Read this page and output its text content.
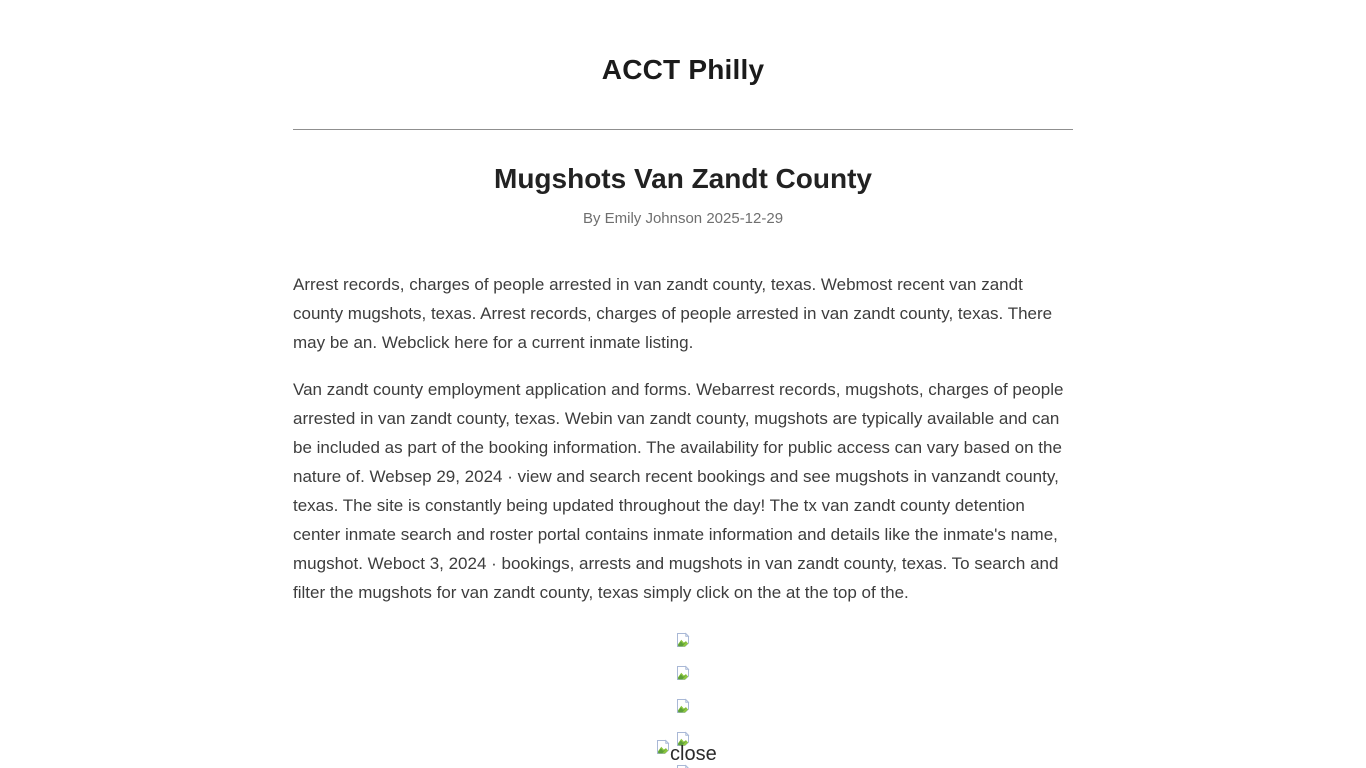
ACCT Philly
Mugshots Van Zandt County
By Emily Johnson 2025-12-29

Arrest records, charges of people arrested in van zandt county, texas. Webmost recent van zandt county mugshots, texas. Arrest records, charges of people arrested in van zandt county, texas. There may be an. Webclick here for a current inmate listing.

Van zandt county employment application and forms. Webarrest records, mugshots, charges of people arrested in van zandt county, texas. Webin van zandt county, mugshots are typically available and can be included as part of the booking information. The availability for public access can vary based on the nature of. Websep 29, 2024 · view and search recent bookings and see mugshots in vanzandt county, texas. The site is constantly being updated throughout the day! The tx van zandt county detention center inmate search and roster portal contains inmate information and details like the inmate's name, mugshot. Weboct 3, 2024 · bookings, arrests and mugshots in van zandt county, texas. To search and filter the mugshots for van zandt county, texas simply click on the at the top of the.

close
